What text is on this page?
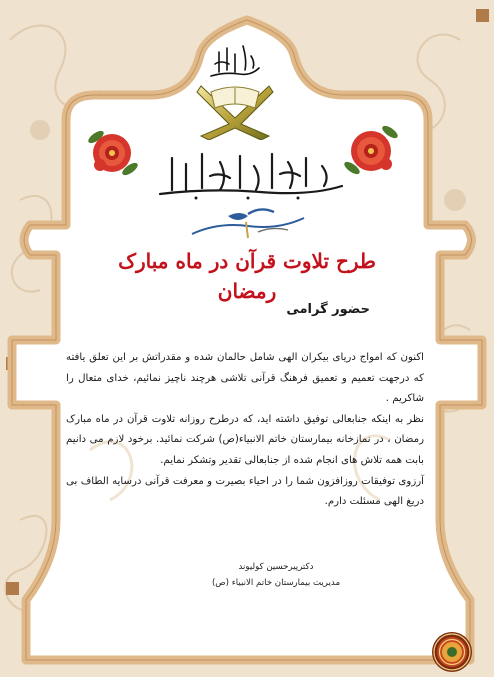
طرح تلاوت قرآن در ماه مبارک رمضان
حضور گرامی

اکنون که امواج دریای بیکران الهی شامل حالمان شده و مقدراتش بر این تعلق یافته که درجهت تعمیم و تعمیق فرهنگ قرآنی تلاشی هرچند ناچیز نمائیم، خدای متعال را شاکریم .

نظر به اینکه جنابعالی توفیق داشته اید، که درطرح روزانه تلاوت قرآن در ماه مبارک رمضان ، در نمازخانه بیمارستان خاتم الانبیاء(ص) شرکت نمائید. برخود لازم می دانیم بابت همه تلاش های انجام شده از جنابعالی تقدیر وتشکر نمایم.

آرزوی توفیقات روزافزون شما را در احیاء بصیرت و معرفت قرآنی درسایه الطاف بی دریغ الهی مسئلت دارم.

دکترپیرحسین کولیوند
مدیریت بیمارستان خاتم الانبیاء (ص)
